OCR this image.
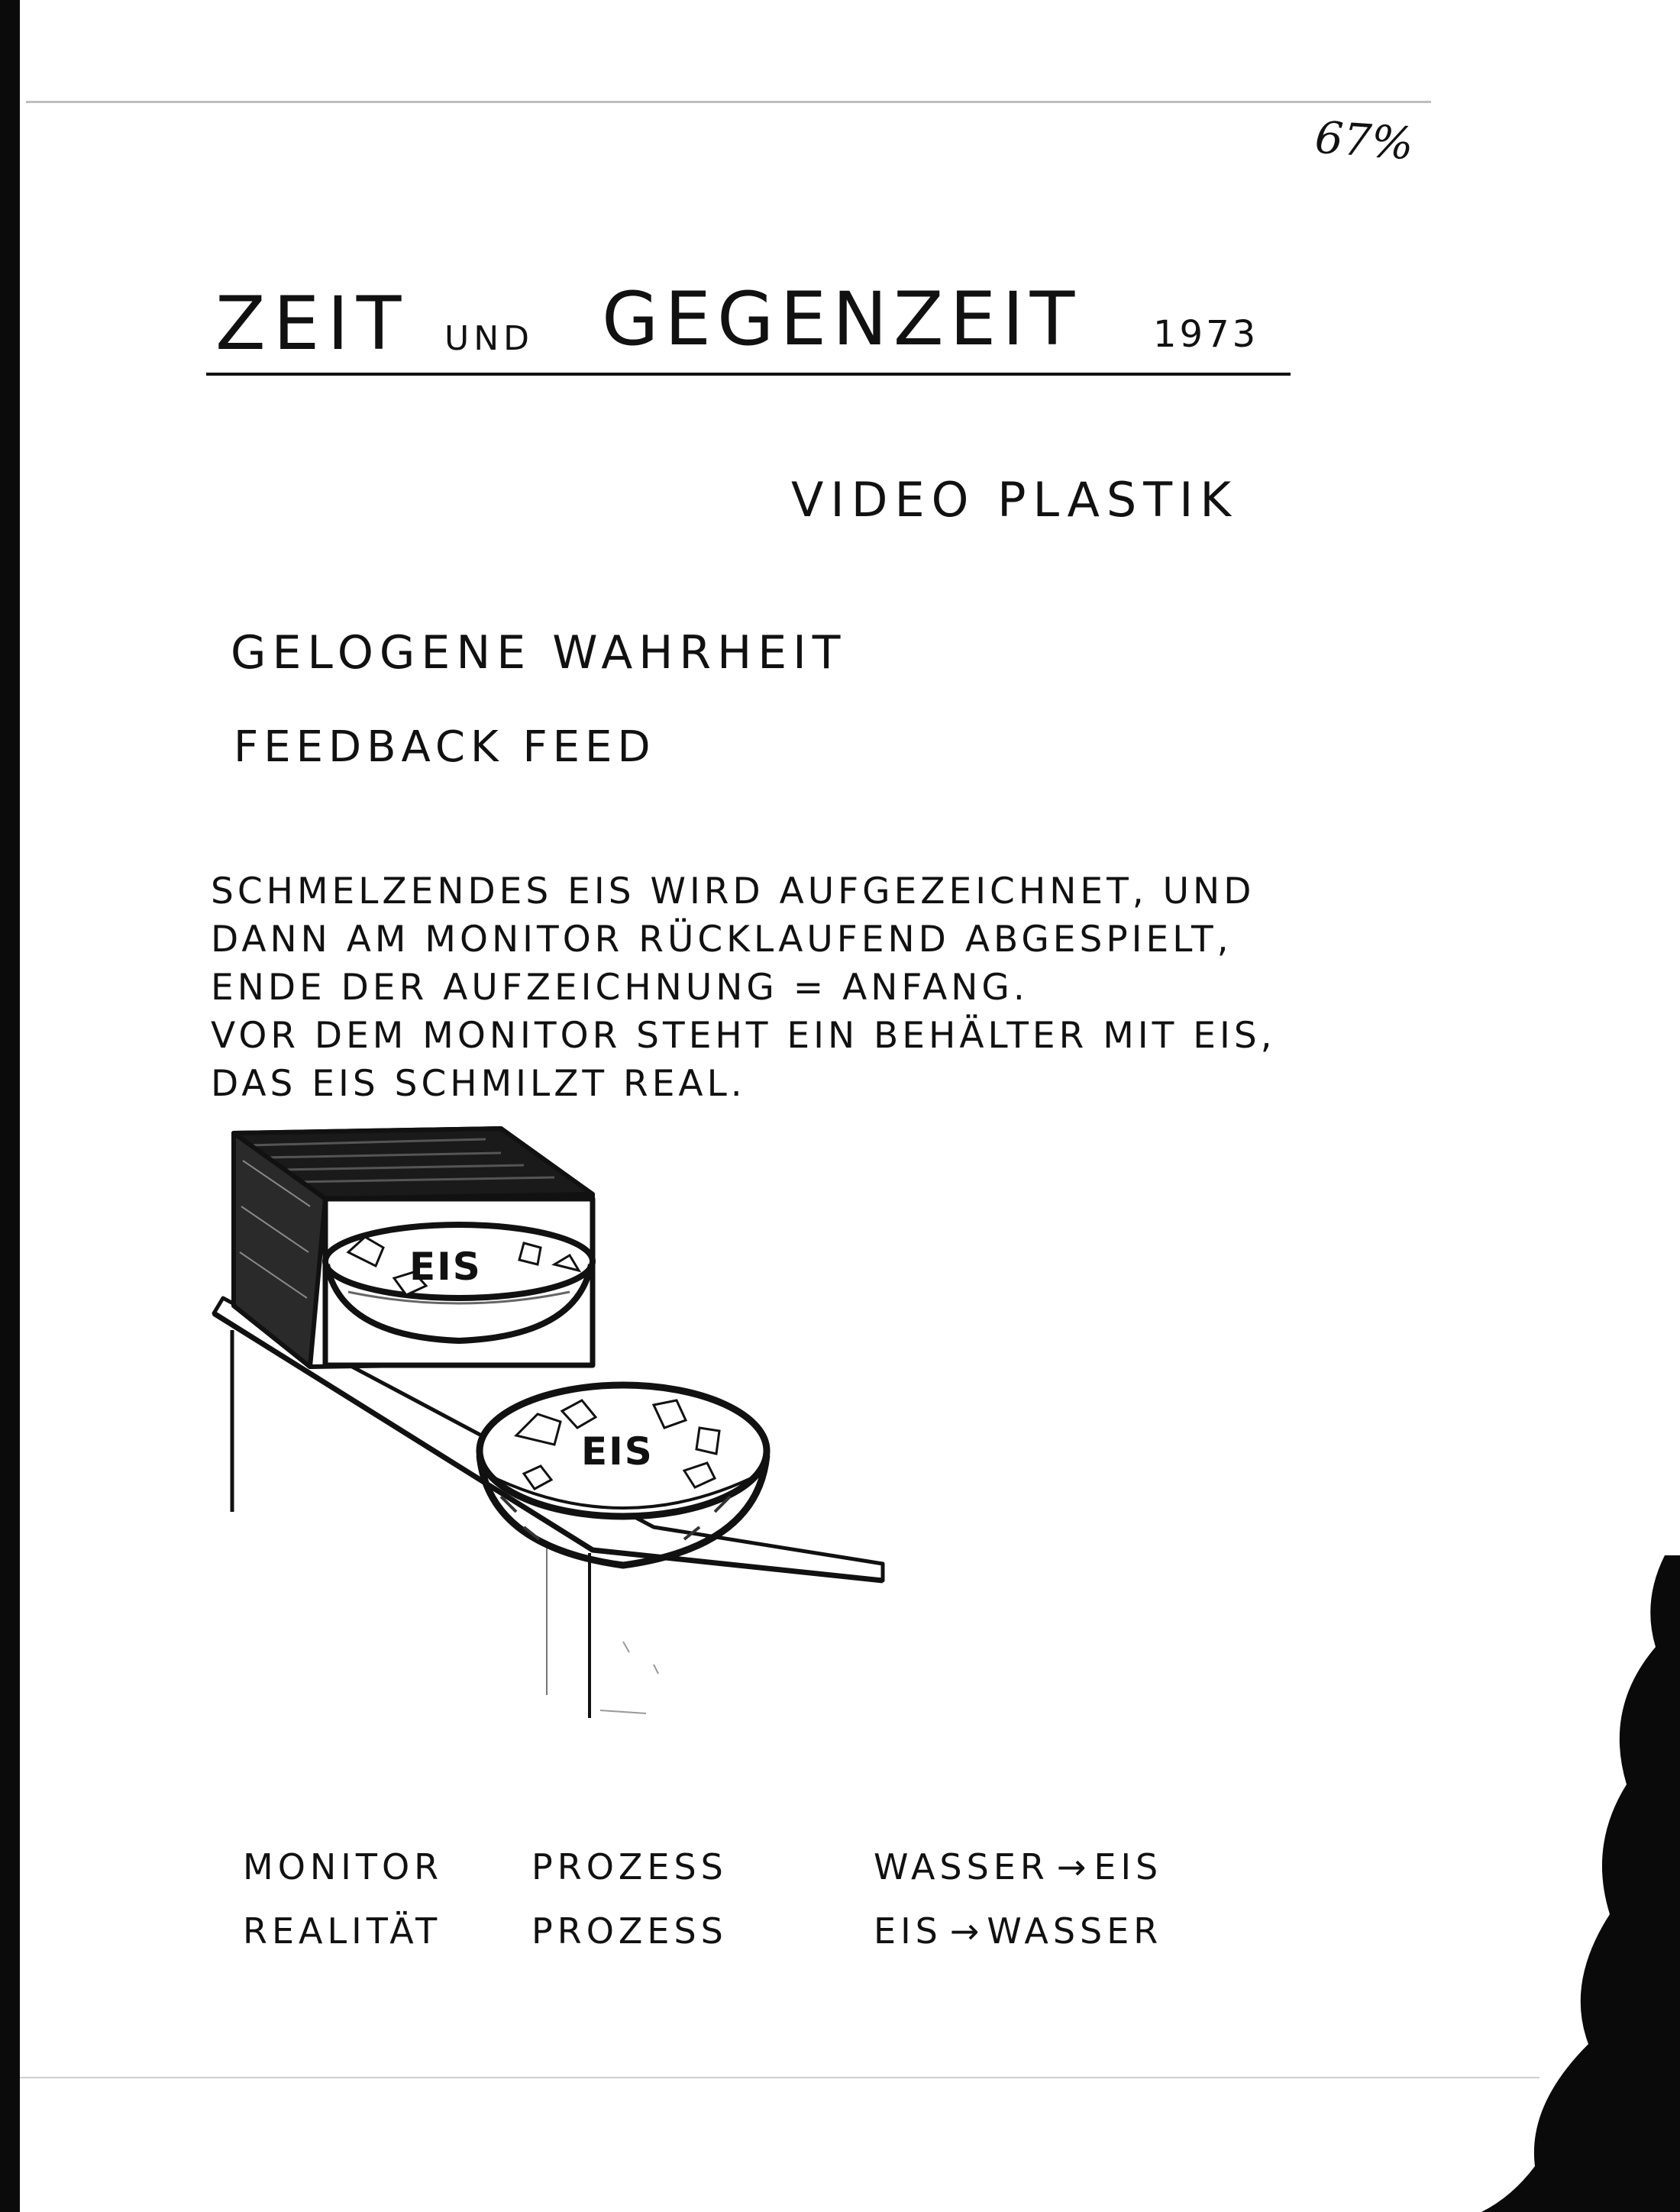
67%
ZEIT UND GEGENZEIT 1973
VIDEO PLASTIK
GELOGENE WAHRHEIT
FEEDBACK FEED
SCHMELZENDES EIS WIRD AUFGEZEICHNET, UND
DANN AM MONITOR RÜCKLAUFEND ABGESPIELT,
ENDE DER AUFZEICHNUNG = ANFANG.
VOR DEM MONITOR STEHT EIN BEHÄLTER MIT EIS,
DAS EIS SCHMILZT REAL.
EIS
EIS
MONITOR	PROZESS	WASSER → EIS
REALITÄT	PROZESS	EIS → WASSER
